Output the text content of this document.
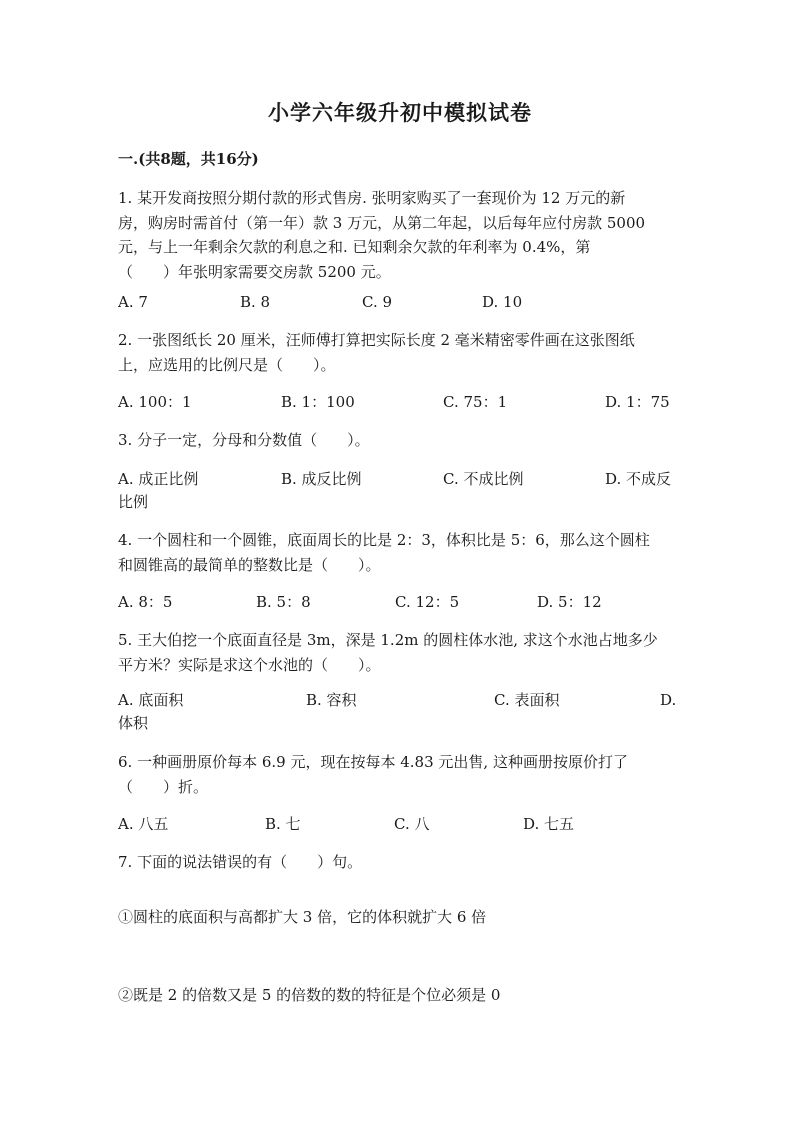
小学六年级升初中模拟试卷
一.(共8题，共16分)
1. 某开发商按照分期付款的形式售房. 张明家购买了一套现价为 12 万元的新
房，购房时需首付（第一年）款 3 万元，从第二年起，以后每年应付房款 5000
元，与上一年剩余欠款的利息之和. 已知剩余欠款的年利率为 0.4%，第
（　　）年张明家需要交房款 5200 元。
A. 7	B. 8	C. 9	D. 10
2. 一张图纸长 20 厘米，汪师傅打算把实际长度 2 毫米精密零件画在这张图纸
上，应选用的比例尺是（　　）。
A. 100：1	B. 1：100	C. 75：1	D. 1：75
3. 分子一定，分母和分数值（　　）。
A. 成正比例	B. 成反比例	C. 不成比例	D. 不成反
比例
4. 一个圆柱和一个圆锥，底面周长的比是 2：3，体积比是 5：6，那么这个圆柱
和圆锥高的最简单的整数比是（　　）。
A. 8：5	B. 5：8	C. 12：5	D. 5：12
5. 王大伯挖一个底面直径是 3m，深是 1.2m 的圆柱体水池, 求这个水池占地多少
平方米？实际是求这个水池的（　　）。
A. 底面积	B. 容积	C. 表面积	D.
体积
6. 一种画册原价每本 6.9 元，现在按每本 4.83 元出售, 这种画册按原价打了
（　　）折。
A. 八五	B. 七	C. 八	D. 七五
7. 下面的说法错误的有（　　）句。
①圆柱的底面积与高都扩大 3 倍，它的体积就扩大 6 倍
②既是 2 的倍数又是 5 的倍数的数的特征是个位必须是 0
